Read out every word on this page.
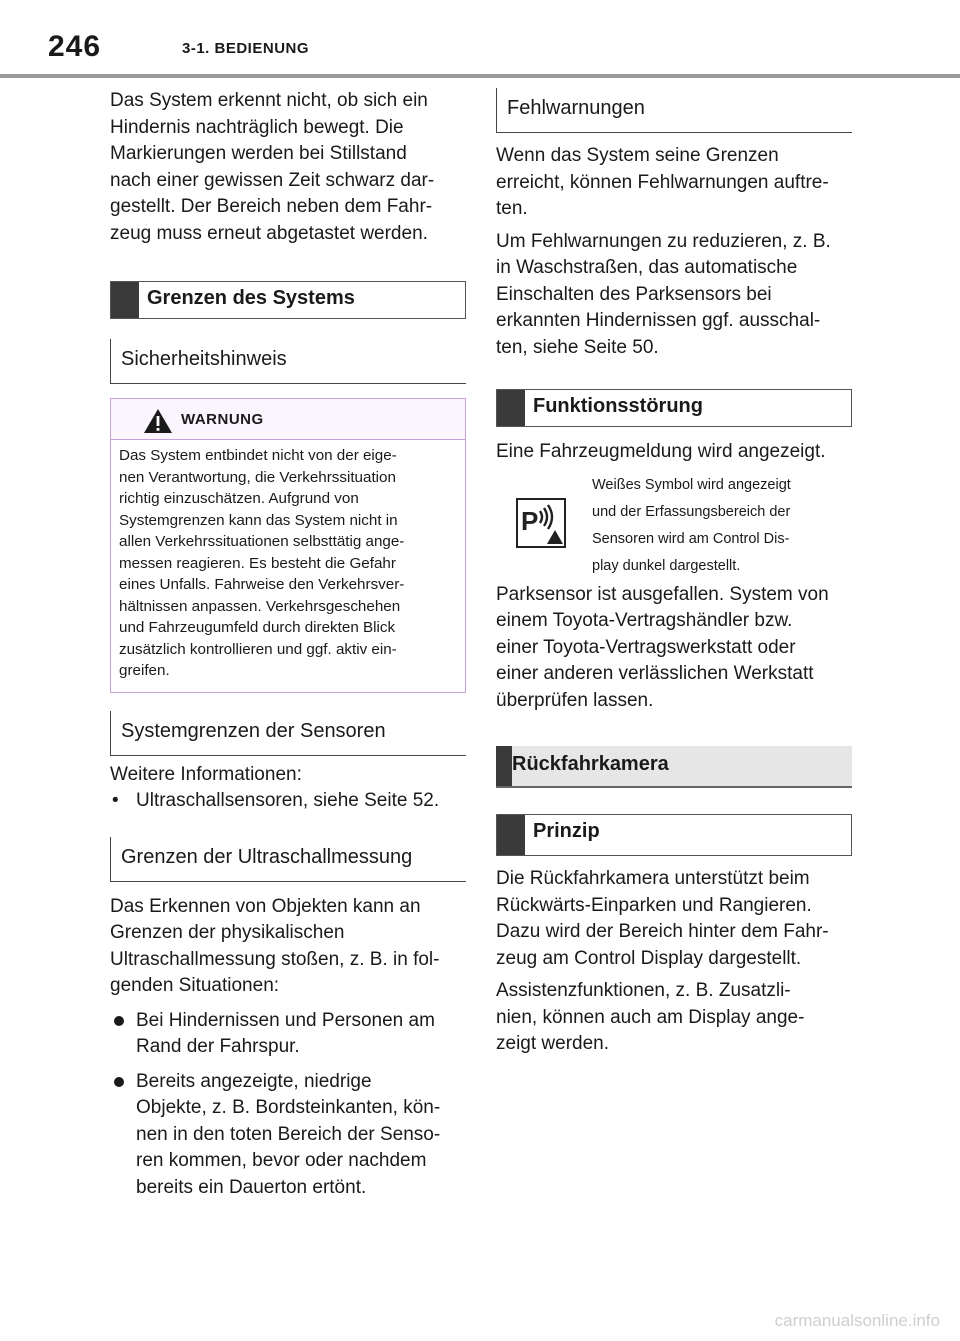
246	3-1. BEDIENUNG

Das System erkennt nicht, ob sich ein
Hindernis nachträglich bewegt. Die
Markierungen werden bei Stillstand
nach einer gewissen Zeit schwarz dar-
gestellt. Der Bereich neben dem Fahr-
zeug muss erneut abgetastet werden.

Grenzen des Systems
Sicherheitshinweis
WARNUNG
Das System entbindet nicht von der eige-
nen Verantwortung, die Verkehrssituation
richtig einzuschätzen. Aufgrund von
Systemgrenzen kann das System nicht in
allen Verkehrssituationen selbsttätig ange-
messen reagieren. Es besteht die Gefahr
eines Unfalls. Fahrweise den Verkehrsver-
hältnissen anpassen. Verkehrsgeschehen
und Fahrzeugumfeld durch direkten Blick
zusätzlich kontrollieren und ggf. aktiv ein-
greifen.
Systemgrenzen der Sensoren

Weitere Informationen:

• Ultraschallsensoren, siehe Seite 52.
Grenzen der Ultraschallmessung

Das Erkennen von Objekten kann an
Grenzen der physikalischen
Ultraschallmessung stoßen, z. B. in fol-
genden Situationen:

Bei Hindernissen und Personen am
Rand der Fahrspur.
Bereits angezeigte, niedrige
Objekte, z. B. Bordsteinkanten, kön-
nen in den toten Bereich der Senso-
ren kommen, bevor oder nachdem
bereits ein Dauerton ertönt.
Fehlwarnungen

Wenn das System seine Grenzen
erreicht, können Fehlwarnungen auftre-
ten.

Um Fehlwarnungen zu reduzieren, z. B.
in Waschstraßen, das automatische
Einschalten des Parksensors bei
erkannten Hindernissen ggf. ausschal-
ten, siehe Seite 50.

Funktionsstörung

Eine Fahrzeugmeldung wird angezeigt.

P
Weißes Symbol wird angezeigt
und der Erfassungsbereich der
Sensoren wird am Control Dis-
play dunkel dargestellt.

Parksensor ist ausgefallen. System von
einem Toyota-Vertragshändler bzw.
einer Toyota-Vertragswerkstatt oder
einer anderen verlässlichen Werkstatt
überprüfen lassen.

Rückfahrkamera
Prinzip

Die Rückfahrkamera unterstützt beim
Rückwärts-Einparken und Rangieren.
Dazu wird der Bereich hinter dem Fahr-
zeug am Control Display dargestellt.

Assistenzfunktionen, z. B. Zusatzli-
nien, können auch am Display ange-
zeigt werden.

carmanualsonline.info
